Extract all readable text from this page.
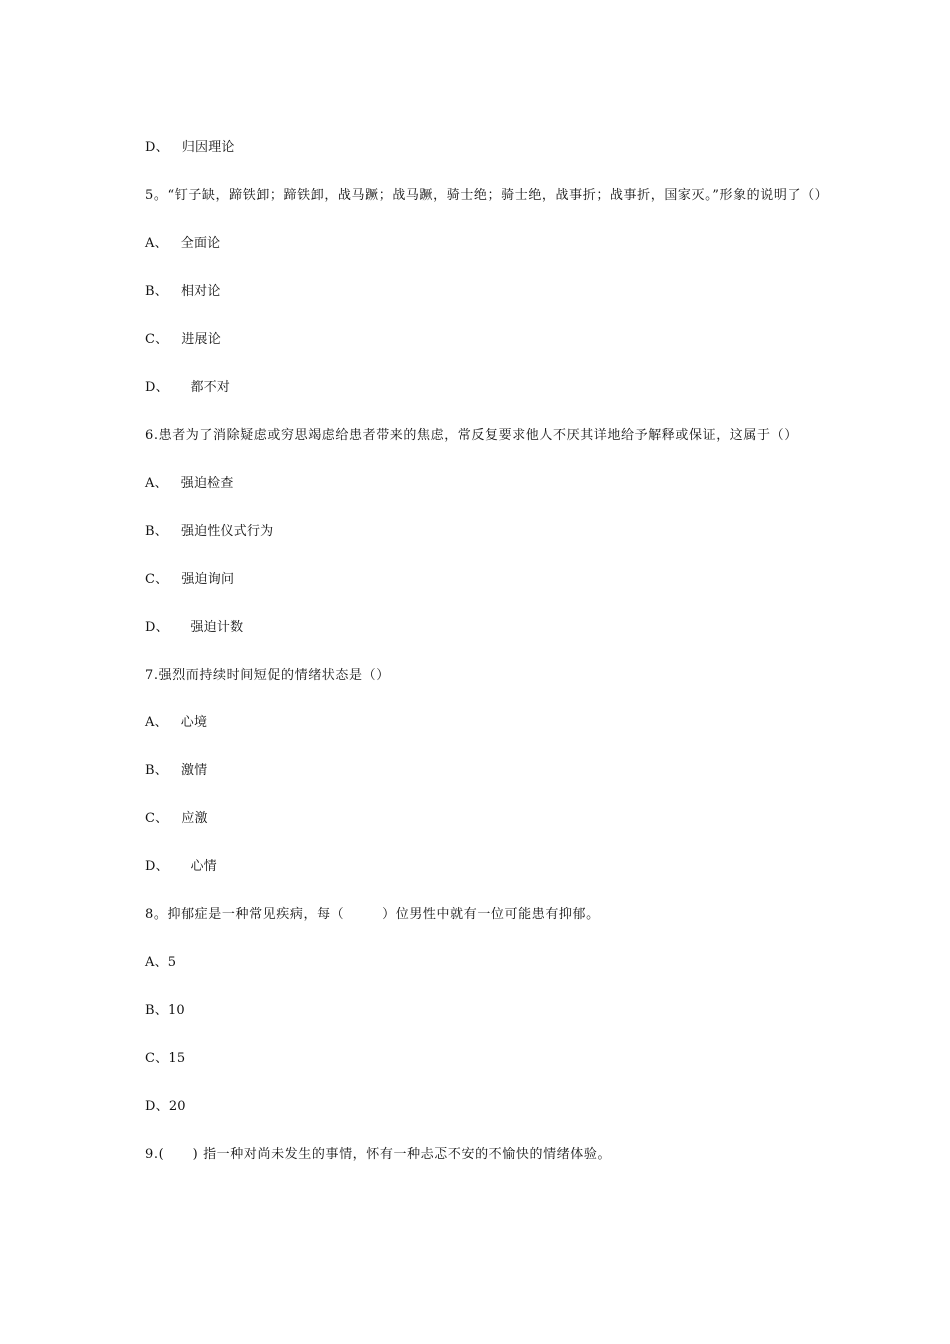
D、   归因理论
5。“钉子缺，蹄铁卸；蹄铁卸，战马蹶；战马蹶，骑士绝；骑士绝，战事折；战事折，国家灭。”形象的说明了（）
A、   全面论
B、   相对论
C、   进展论
D、     都不对
6.患者为了消除疑虑或穷思竭虑给患者带来的焦虑，常反复要求他人不厌其详地给予解释或保证，这属于（）
A、   强迫检查
B、   强迫性仪式行为
C、   强迫询问
D、     强迫计数
7.强烈而持续时间短促的情绪状态是（）
A、   心境
B、   激情
C、   应激
D、     心情
8。抑郁症是一种常见疾病，每（        ）位男性中就有一位可能患有抑郁。
A、5
B、10
C、15
D、20
9.(      ) 指一种对尚未发生的事情，怀有一种忐忑不安的不愉快的情绪体验。
